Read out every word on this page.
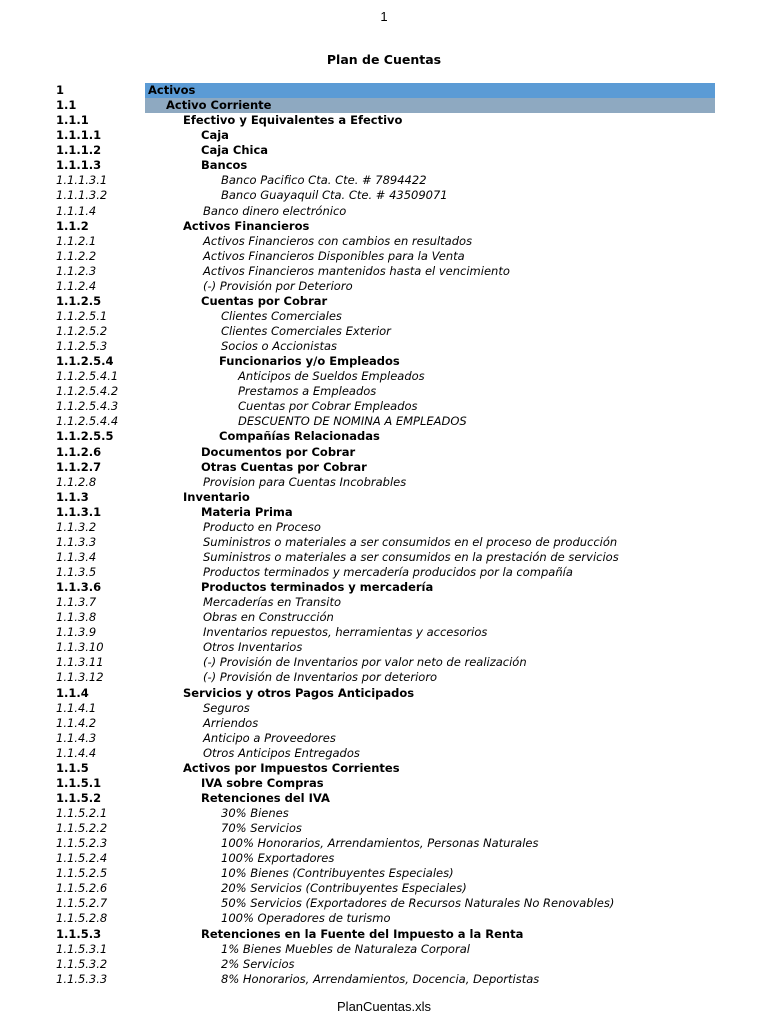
1
Plan de Cuentas
1	Activos
1.1	Activo Corriente
1.1.1	Efectivo y Equivalentes a Efectivo
1.1.1.1	Caja
1.1.1.2	Caja Chica
1.1.1.3	Bancos
1.1.1.3.1	Banco Pacifico Cta. Cte. # 7894422
1.1.1.3.2	Banco Guayaquil Cta. Cte. # 43509071
1.1.1.4	Banco dinero electrónico
1.1.2	Activos Financieros
1.1.2.1	Activos Financieros con cambios en resultados
1.1.2.2	Activos Financieros Disponibles para la Venta
1.1.2.3	Activos Financieros mantenidos hasta el vencimiento
1.1.2.4	(-) Provisión por Deterioro
1.1.2.5	Cuentas por Cobrar
1.1.2.5.1	Clientes Comerciales
1.1.2.5.2	Clientes Comerciales Exterior
1.1.2.5.3	Socios o Accionistas
1.1.2.5.4	Funcionarios y/o Empleados
1.1.2.5.4.1	Anticipos de Sueldos Empleados
1.1.2.5.4.2	Prestamos a Empleados
1.1.2.5.4.3	Cuentas por Cobrar Empleados
1.1.2.5.4.4	DESCUENTO DE NOMINA A EMPLEADOS
1.1.2.5.5	Compañías Relacionadas
1.1.2.6	Documentos por Cobrar
1.1.2.7	Otras Cuentas por Cobrar
1.1.2.8	Provision para Cuentas Incobrables
1.1.3	Inventario
1.1.3.1	Materia Prima
1.1.3.2	Producto en Proceso
1.1.3.3	Suministros o materiales a ser consumidos en el proceso de producción
1.1.3.4	Suministros o materiales a ser consumidos en la prestación de servicios
1.1.3.5	Productos terminados y mercadería producidos por la compañía
1.1.3.6	Productos terminados y mercadería
1.1.3.7	Mercaderías en Transito
1.1.3.8	Obras en Construcción
1.1.3.9	Inventarios repuestos, herramientas y accesorios
1.1.3.10	Otros Inventarios
1.1.3.11	(-) Provisión de Inventarios por valor neto de realización
1.1.3.12	(-) Provisión de Inventarios por deterioro
1.1.4	Servicios y otros Pagos Anticipados
1.1.4.1	Seguros
1.1.4.2	Arriendos
1.1.4.3	Anticipo a Proveedores
1.1.4.4	Otros Anticipos Entregados
1.1.5	Activos por Impuestos Corrientes
1.1.5.1	IVA sobre Compras
1.1.5.2	Retenciones del IVA
1.1.5.2.1	30% Bienes
1.1.5.2.2	70% Servicios
1.1.5.2.3	100% Honorarios, Arrendamientos, Personas Naturales
1.1.5.2.4	100% Exportadores
1.1.5.2.5	10% Bienes (Contribuyentes Especiales)
1.1.5.2.6	20% Servicios (Contribuyentes Especiales)
1.1.5.2.7	50% Servicios (Exportadores de Recursos Naturales No Renovables)
1.1.5.2.8	100% Operadores de turismo
1.1.5.3	Retenciones en la Fuente del Impuesto a la Renta
1.1.5.3.1	1% Bienes Muebles de Naturaleza Corporal
1.1.5.3.2	2% Servicios
1.1.5.3.3	8% Honorarios, Arrendamientos, Docencia, Deportistas
PlanCuentas.xls
